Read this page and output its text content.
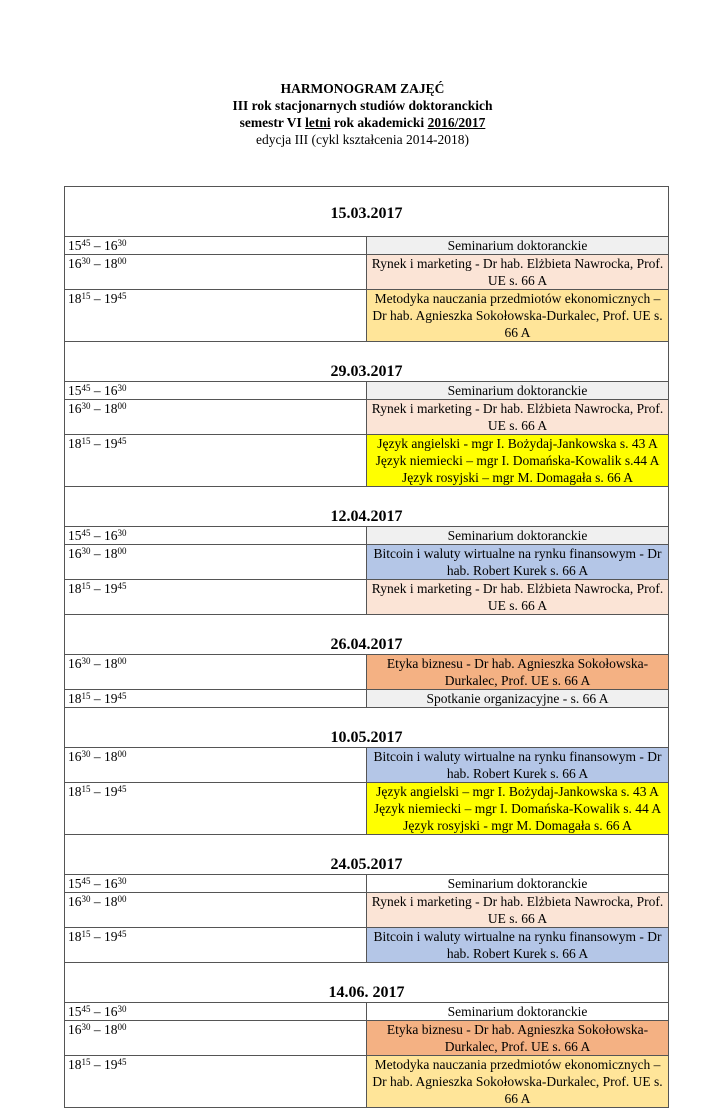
HARMONOGRAM ZAJĘĆ
III rok stacjonarnych studiów doktoranckich
semestr VI letni rok akademicki 2016/2017
edycja III (cykl kształcenia 2014-2018)
15.03.2017	
$15^{45} - 16^{30}$	Seminarium doktoranckie

$16^{30} - 18^{00}$	Rynek i marketing - Dr hab. Elżbieta Nawrocka, Prof. UE s. 66 A

$18^{15} - 19^{45}$	Metodyka nauczania przedmiotów ekonomicznych –
Dr hab. Agnieszka Sokołowska-Durkalec, Prof. UE s. 66 A

29.03.2017	
$15^{45} - 16^{30}$	Seminarium doktoranckie

$16^{30} - 18^{00}$	Rynek i marketing - Dr hab. Elżbieta Nawrocka, Prof. UE s. 66 A

$18^{15} - 19^{45}$	Język angielski - mgr I. Bożydaj-Jankowska s. 43 A
Język niemiecki – mgr I. Domańska-Kowalik s.44 A
Język rosyjski – mgr M. Domagała s. 66 A

12.04.2017	
$15^{45} - 16^{30}$	Seminarium doktoranckie

$16^{30} - 18^{00}$	Bitcoin i waluty wirtualne na rynku finansowym - Dr hab. Robert Kurek s. 66 A

$18^{15} - 19^{45}$	Rynek i marketing - Dr hab. Elżbieta Nawrocka, Prof. UE s. 66 A

26.04.2017	
$16^{30} - 18^{00}$	Etyka biznesu - Dr hab. Agnieszka Sokołowska-Durkalec, Prof. UE s. 66 A

$18^{15} - 19^{45}$	Spotkanie organizacyjne - s. 66 A

10.05.2017	
$16^{30} - 18^{00}$	Bitcoin i waluty wirtualne na rynku finansowym - Dr hab. Robert Kurek s. 66 A

$18^{15} - 19^{45}$	Język angielski – mgr I. Bożydaj-Jankowska s. 43 A
Język niemiecki – mgr I. Domańska-Kowalik s. 44 A
Język rosyjski - mgr M. Domagała s. 66 A

24.05.2017	
$15^{45} - 16^{30}$	Seminarium doktoranckie

$16^{30} - 18^{00}$	Rynek i marketing - Dr hab. Elżbieta Nawrocka, Prof. UE s. 66 A

$18^{15} - 19^{45}$	Bitcoin i waluty wirtualne na rynku finansowym - Dr hab. Robert Kurek s. 66 A

14.06. 2017	
$15^{45} - 16^{30}$	Seminarium doktoranckie

$16^{30} - 18^{00}$	Etyka biznesu - Dr hab. Agnieszka Sokołowska-Durkalec, Prof. UE s. 66 A

$18^{15} - 19^{45}$	Metodyka nauczania przedmiotów ekonomicznych –
Dr hab. Agnieszka Sokołowska-Durkalec, Prof. UE s. 66 A
